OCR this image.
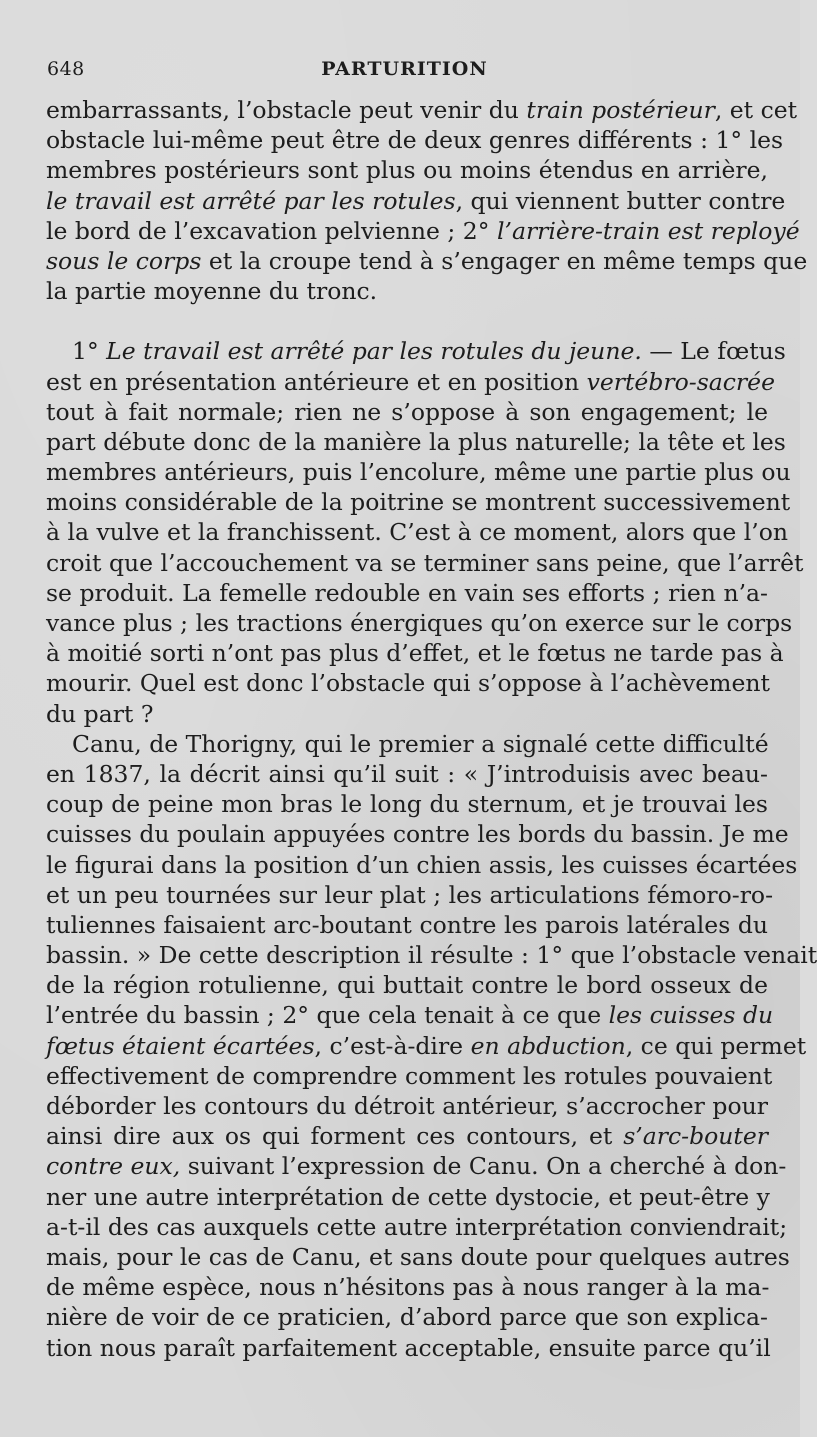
648	PARTURITION
embarrassants, l’obstacle peut venir du train postérieur, et cet
obstacle lui-même peut être de deux genres différents : 1° les
membres postérieurs sont plus ou moins étendus en arrière,
le travail est arrêté par les rotules, qui viennent butter contre
le bord de l’excavation pelvienne ; 2° l’arrière-train est reployé
sous le corps et la croupe tend à s’engager en même temps que
la partie moyenne du tronc.
1° Le travail est arrêté par les rotules du jeune. — Le fœtus
est en présentation antérieure et en position vertébro-sacrée
tout à fait normale; rien ne s’oppose à son engagement; le
part débute donc de la manière la plus naturelle; la tête et les
membres antérieurs, puis l’encolure, même une partie plus ou
moins considérable de la poitrine se montrent successivement
à la vulve et la franchissent. C’est à ce moment, alors que l’on
croit que l’accouchement va se terminer sans peine, que l’arrêt
se produit. La femelle redouble en vain ses efforts ; rien n’a-
vance plus ; les tractions énergiques qu’on exerce sur le corps
à moitié sorti n’ont pas plus d’effet, et le fœtus ne tarde pas à
mourir. Quel est donc l’obstacle qui s’oppose à l’achèvement
du part ?
Canu, de Thorigny, qui le premier a signalé cette difficulté
en 1837, la décrit ainsi qu’il suit : « J’introduisis avec beau-
coup de peine mon bras le long du sternum, et je trouvai les
cuisses du poulain appuyées contre les bords du bassin. Je me
le figurai dans la position d’un chien assis, les cuisses écartées
et un peu tournées sur leur plat ; les articulations fémoro-ro-
tuliennes faisaient arc-boutant contre les parois latérales du
bassin. » De cette description il résulte : 1° que l’obstacle venait
de la région rotulienne, qui buttait contre le bord osseux de
l’entrée du bassin ; 2° que cela tenait à ce que les cuisses du
fœtus étaient écartées, c’est-à-dire en abduction, ce qui permet
effectivement de comprendre comment les rotules pouvaient
déborder les contours du détroit antérieur, s’accrocher pour
ainsi dire aux os qui forment ces contours, et s’arc-bouter
contre eux, suivant l’expression de Canu. On a cherché à don-
ner une autre interprétation de cette dystocie, et peut-être y
a-t-il des cas auxquels cette autre interprétation conviendrait;
mais, pour le cas de Canu, et sans doute pour quelques autres
de même espèce, nous n’hésitons pas à nous ranger à la ma-
nière de voir de ce praticien, d’abord parce que son explica-
tion nous paraît parfaitement acceptable, ensuite parce qu’il
